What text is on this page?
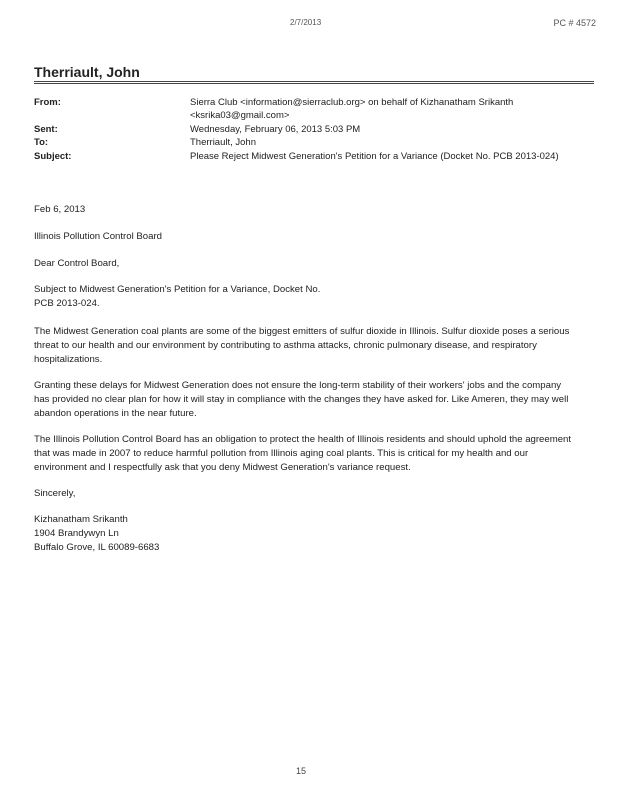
2/7/2013	PC # 4572
Therriault, John
From:	Sierra Club <information@sierraclub.org> on behalf of Kizhanatham Srikanth
<ksrika03@gmail.com>
Sent:	Wednesday, February 06, 2013 5:03 PM
To:	Therriault, John
Subject:	Please Reject Midwest Generation's Petition for a Variance (Docket No. PCB 2013-024)
Feb 6, 2013
Illinois Pollution Control Board
Dear Control Board,

Subject to Midwest Generation's Petition for a Variance, Docket No.

PCB 2013-024.

The Midwest Generation coal plants are some of the biggest emitters of sulfur dioxide in Illinois. Sulfur dioxide poses a serious threat to our health and our environment by contributing to asthma attacks, chronic pulmonary disease, and respiratory hospitalizations.

Granting these delays for Midwest Generation does not ensure the long-term stability of their workers' jobs and the company has provided no clear plan for how it will stay in compliance with the changes they have asked for. Like Ameren, they may well abandon operations in the near future.

The Illinois Pollution Control Board has an obligation to protect the health of Illinois residents and should uphold the agreement that was made in 2007 to reduce harmful pollution from Illinois aging coal plants. This is critical for my health and our environment and I respectfully ask that you deny Midwest Generation's variance request.

Sincerely,

Kizhanatham Srikanth

1904 Brandywyn Ln

Buffalo Grove, IL 60089-6683

15
